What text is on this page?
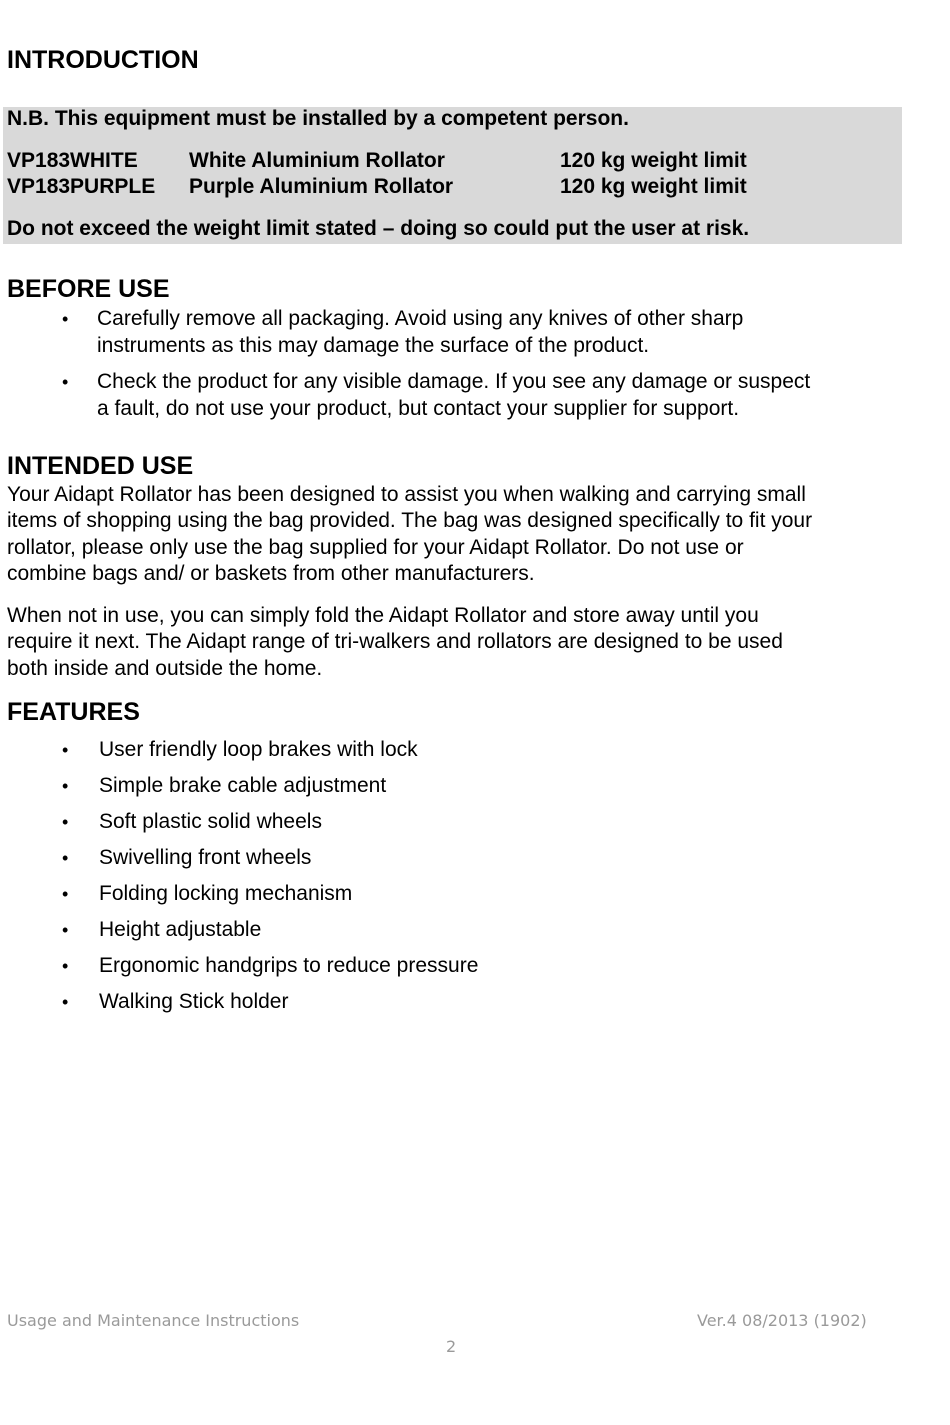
INTRODUCTION
N.B. This equipment must be installed by a competent person.
VP183WHITE White Aluminium Rollator	120 kg weight limit
VP183PURPLE Purple Aluminium Rollator	120 kg weight limit
Do not exceed the weight limit stated – doing so could put the user at risk.
BEFORE USE
• Carefully remove all packaging. Avoid using any knives of other sharp
instruments as this may damage the surface of the product.
• Check the product for any visible damage. If you see any damage or suspect
a fault, do not use your product, but contact your supplier for support.
INTENDED USE
Your Aidapt Rollator has been designed to assist you when walking and carrying small
items of shopping using the bag provided. The bag was designed specifically to fit your
rollator, please only use the bag supplied for your Aidapt Rollator. Do not use or
combine bags and/ or baskets from other manufacturers.
When not in use, you can simply fold the Aidapt Rollator and store away until you
require it next. The Aidapt range of tri-walkers and rollators are designed to be used
both inside and outside the home.
FEATURES
• User friendly loop brakes with lock
• Simple brake cable adjustment
• Soft plastic solid wheels
• Swivelling front wheels
• Folding locking mechanism
• Height adjustable
• Ergonomic handgrips to reduce pressure
• Walking Stick holder
Usage and Maintenance Instructions	Ver.4 08/2013 (1902)
2
